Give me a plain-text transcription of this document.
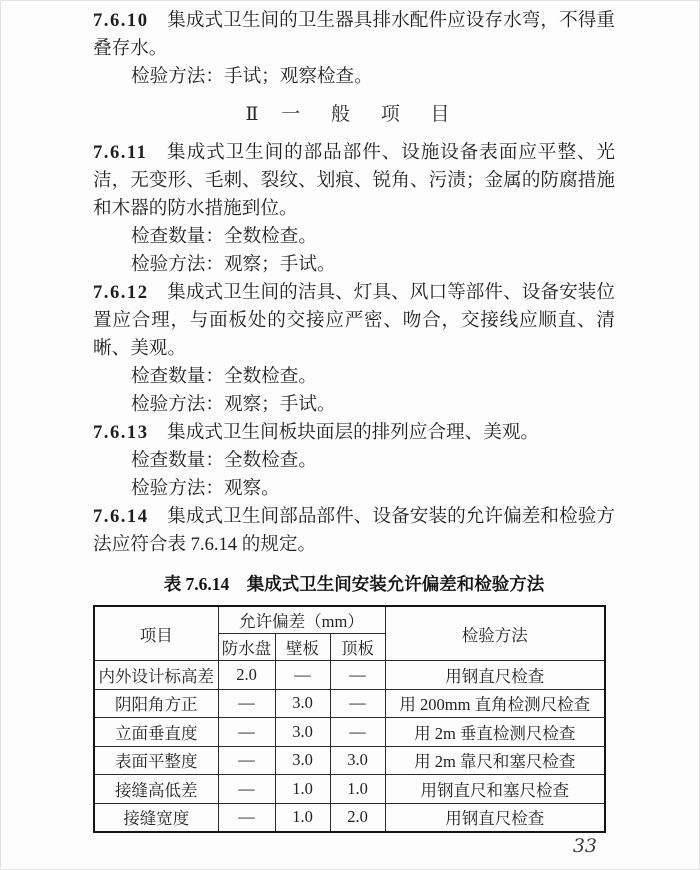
7.6.10 集成式卫生间的卫生器具排水配件应设存水弯，不得重叠存水。

检验方法：手试；观察检查。

Ⅱ 一 般 项 目

7.6.11 集成式卫生间的部品部件、设施设备表面应平整、光洁，无变形、毛刺、裂纹、划痕、锐角、污渍；金属的防腐措施和木器的防水措施到位。

检查数量：全数检查。

检验方法：观察；手试。

7.6.12 集成式卫生间的洁具、灯具、风口等部件、设备安装位置应合理，与面板处的交接应严密、吻合，交接线应顺直、清晰、美观。

检查数量：全数检查。

检验方法：观察；手试。

7.6.13 集成式卫生间板块面层的排列应合理、美观。

检查数量：全数检查。

检验方法：观察。

7.6.14 集成式卫生间部品部件、设备安装的允许偏差和检验方法应符合表 7.6.14 的规定。

表 7.6.14　集成式卫生间安装允许偏差和检验方法
项目	允许偏差（mm）			检验方法
	防水盘	壁板	顶板	
内外设计标高差	2.0	—	—	用钢直尺检查
阴阳角方正	—	3.0	—	用 200mm 直角检测尺检查
立面垂直度	—	3.0	—	用 2m 垂直检测尺检查
表面平整度	—	3.0	3.0	用 2m 靠尺和塞尺检查
接缝高低差	—	1.0	1.0	用钢直尺和塞尺检查
接缝宽度	—	1.0	2.0	用钢直尺检查
33
